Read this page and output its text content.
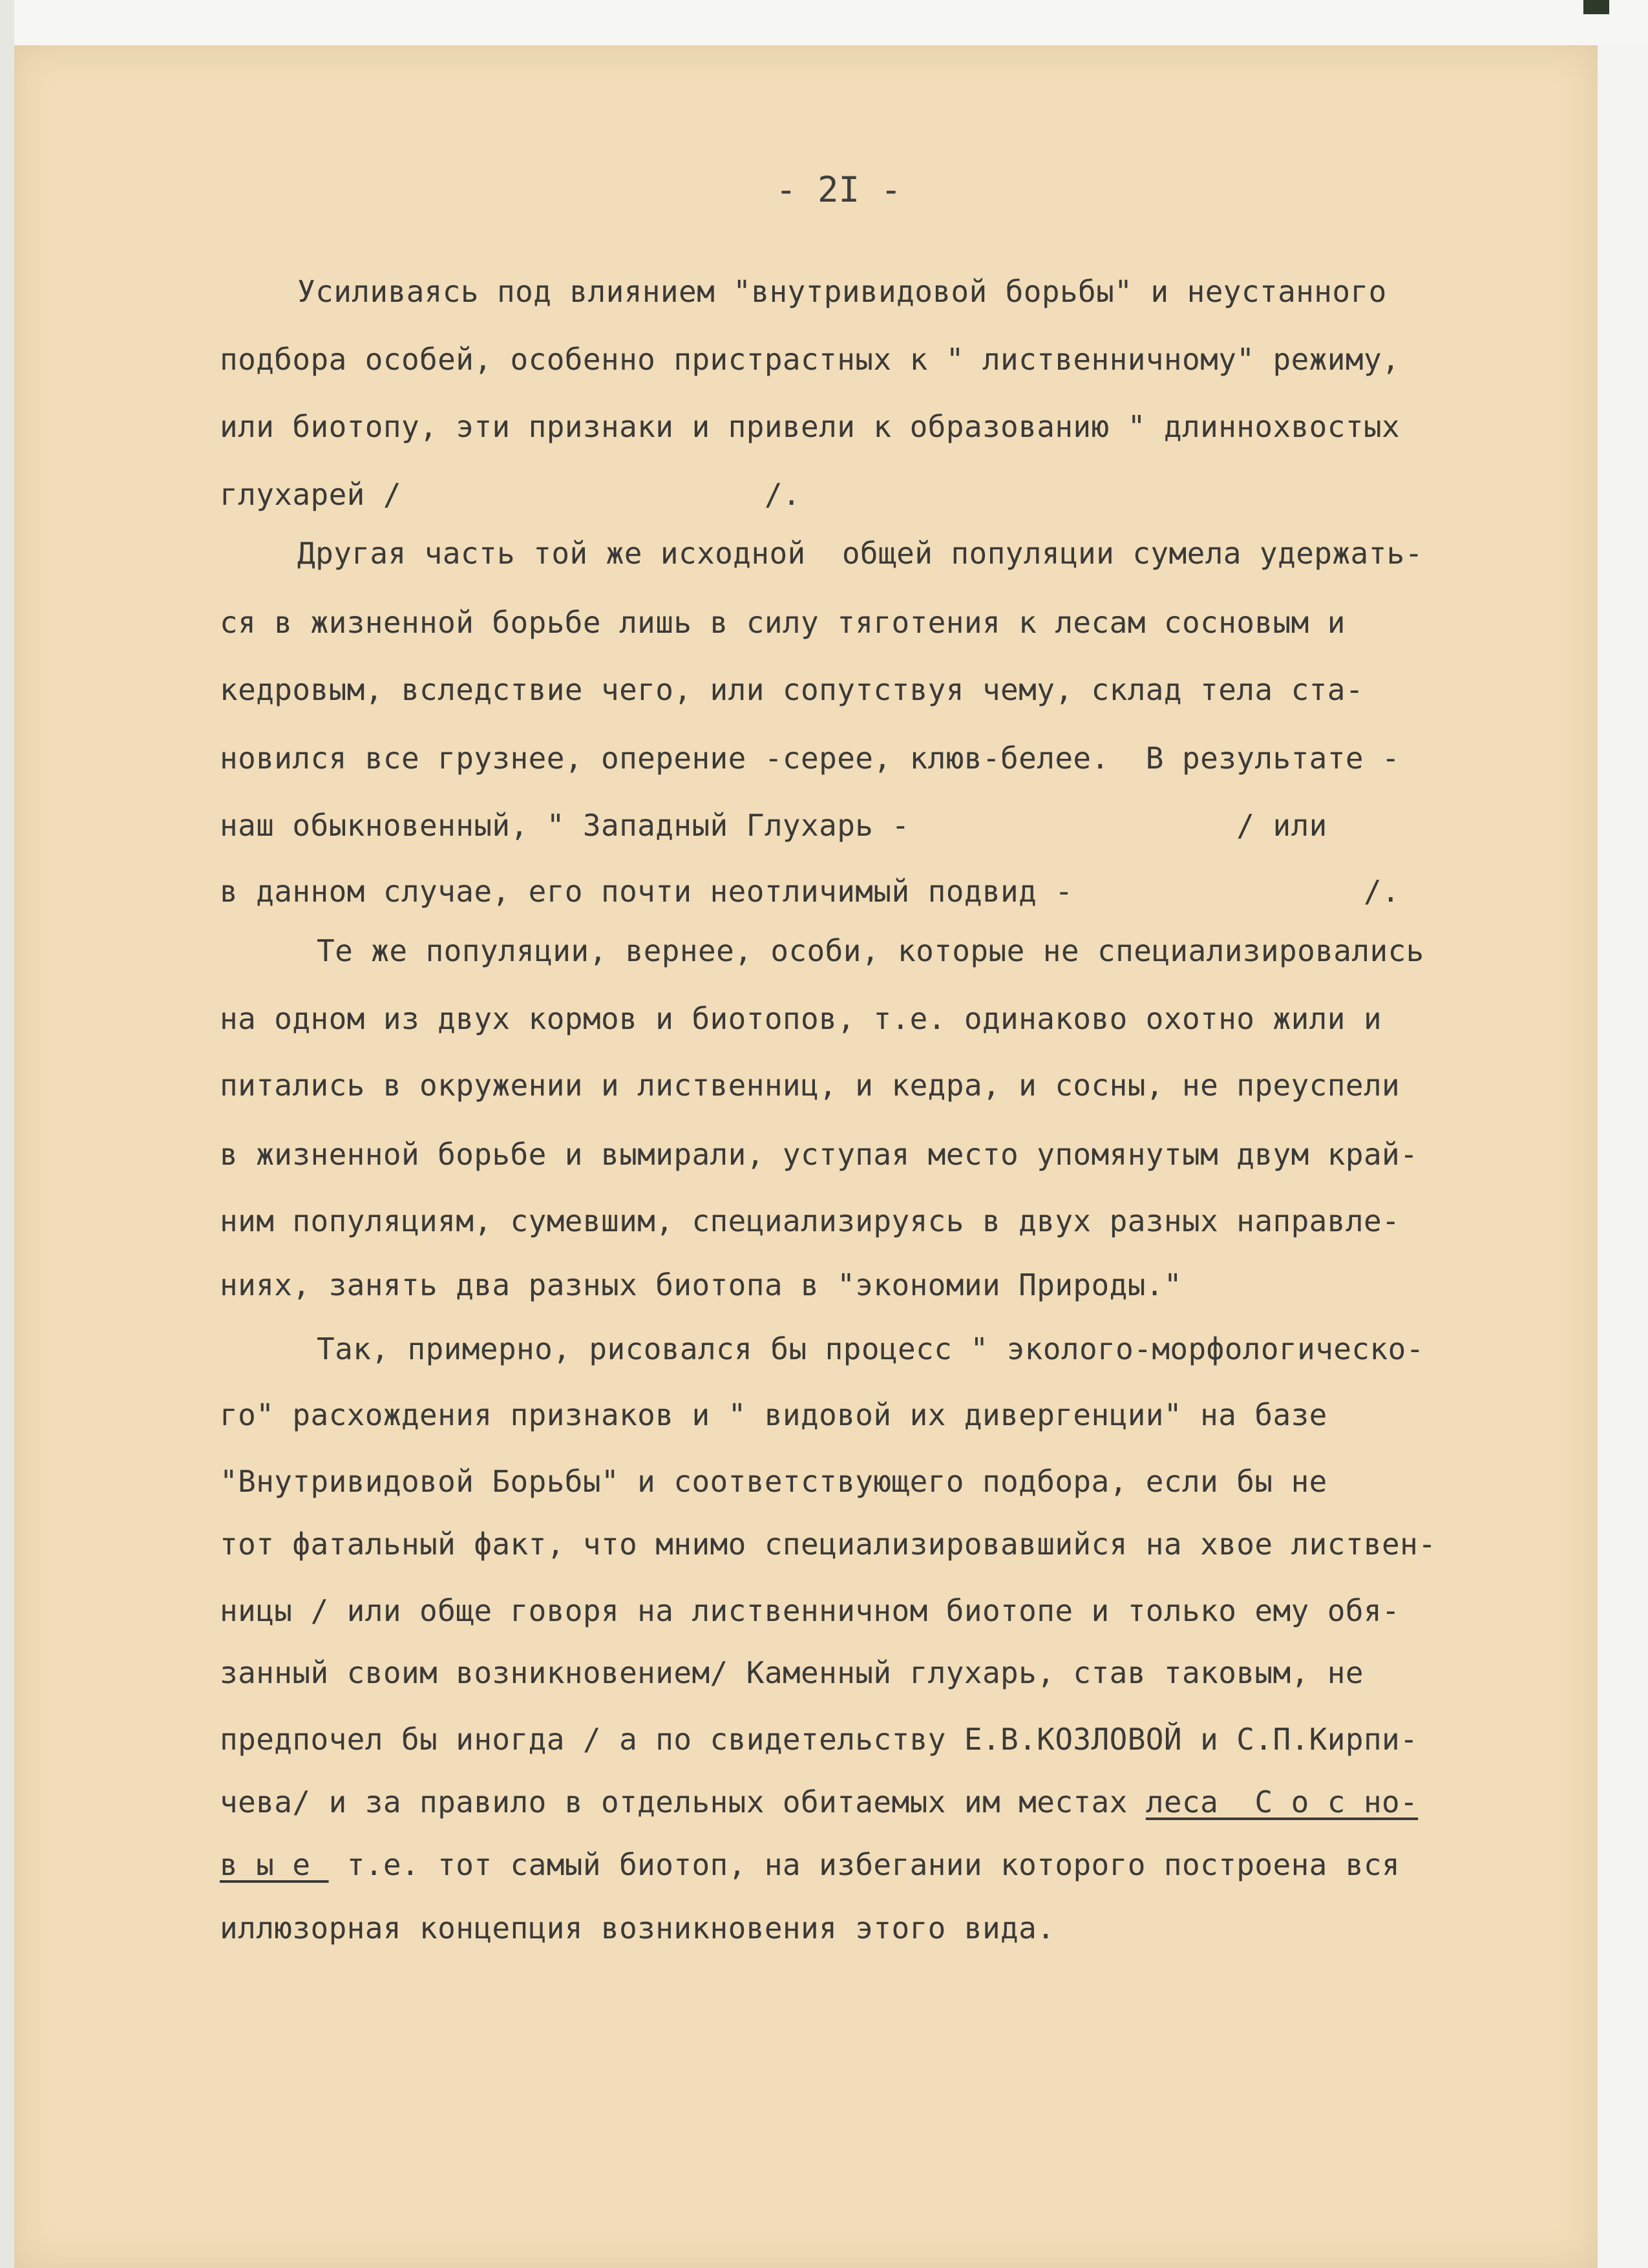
- 2I -
Усиливаясь под влиянием "внутривидовой борьбы" и неустанного
подбора особей, особенно пристрастных к " лиственничному" режиму,
или биотопу, эти признаки и привели к образованию " длиннохвостых
глухарей /                    /.
Другая часть той же исходной  общей популяции сумела удержать-
ся в жизненной борьбе лишь в силу тяготения к лесам сосновым и
кедровым, вследствие чего, или сопутствуя чему, склад тела ста-
новился все грузнее, оперение -серее, клюв-белее.  В результате -
наш обыкновенный, " Западный Глухарь -                  / или
в данном случае, его почти неотличимый подвид -                /.
Те же популяции, вернее, особи, которые не специализировались
на одном из двух кормов и биотопов, т.е. одинаково охотно жили и
питались в окружении и лиственниц, и кедра, и сосны, не преуспели
в жизненной борьбе и вымирали, уступая место упомянутым двум край-
ним популяциям, сумевшим, специализируясь в двух разных направле-
ниях, занять два разных биотопа в "экономии Природы."
Так, примерно, рисовался бы процесс " эколого-морфологическо-
го" расхождения признаков и " видовой их дивергенции" на базе
"Внутривидовой Борьбы" и соответствующего подбора, если бы не
тот фатальный факт, что мнимо специализировавшийся на хвое листвен-
ницы / или обще говоря на лиственничном биотопе и только ему обя-
занный своим возникновением/ Каменный глухарь, став таковым, не
предпочел бы иногда / а по свидетельству Е.В.КОЗЛОВОЙ и С.П.Кирпи-
чева/ и за правило в отдельных обитаемых им местах леса  С о с но-
в ы е  т.е. тот самый биотоп, на избегании которого построена вся
иллюзорная концепция возникновения этого вида.
